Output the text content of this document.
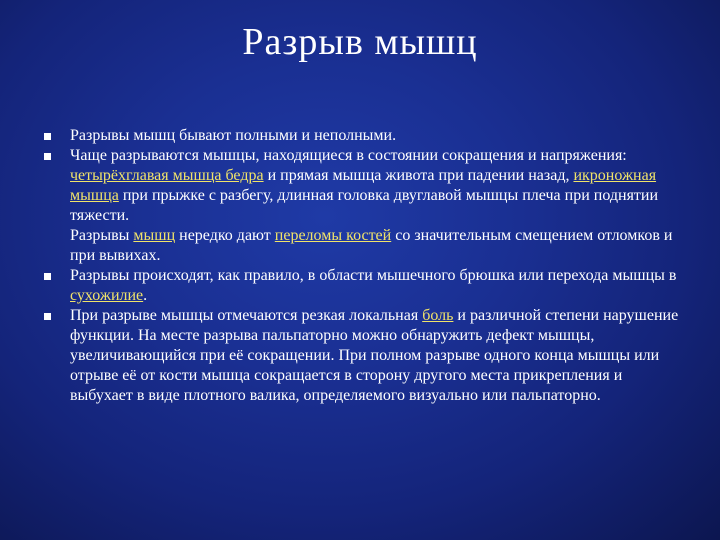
Разрыв мышц
Разрывы мышц бывают полными и неполными.
Чаще разрываются мышцы, находящиеся в состоянии сокращения и напряжения: четырёхглавая мышца бедра и прямая мышца живота при падении назад, икроножная мышца при прыжке с разбегу, длинная головка двуглавой мышцы плеча при поднятии тяжести.
Разрывы мышц нередко дают переломы костей со значительным смещением отломков и при вывихах.
Разрывы происходят, как правило, в области мышечного брюшка или перехода мышцы в сухожилие.
При разрыве мышцы отмечаются резкая локальная боль и различной степени нарушение функции. На месте разрыва пальпаторно можно обнаружить дефект мышцы, увеличивающийся при её сокращении. При полном разрыве одного конца мышцы или отрыве её от кости мышца сокращается в сторону другого места прикрепления и выбухает в виде плотного валика, определяемого визуально или пальпаторно.
